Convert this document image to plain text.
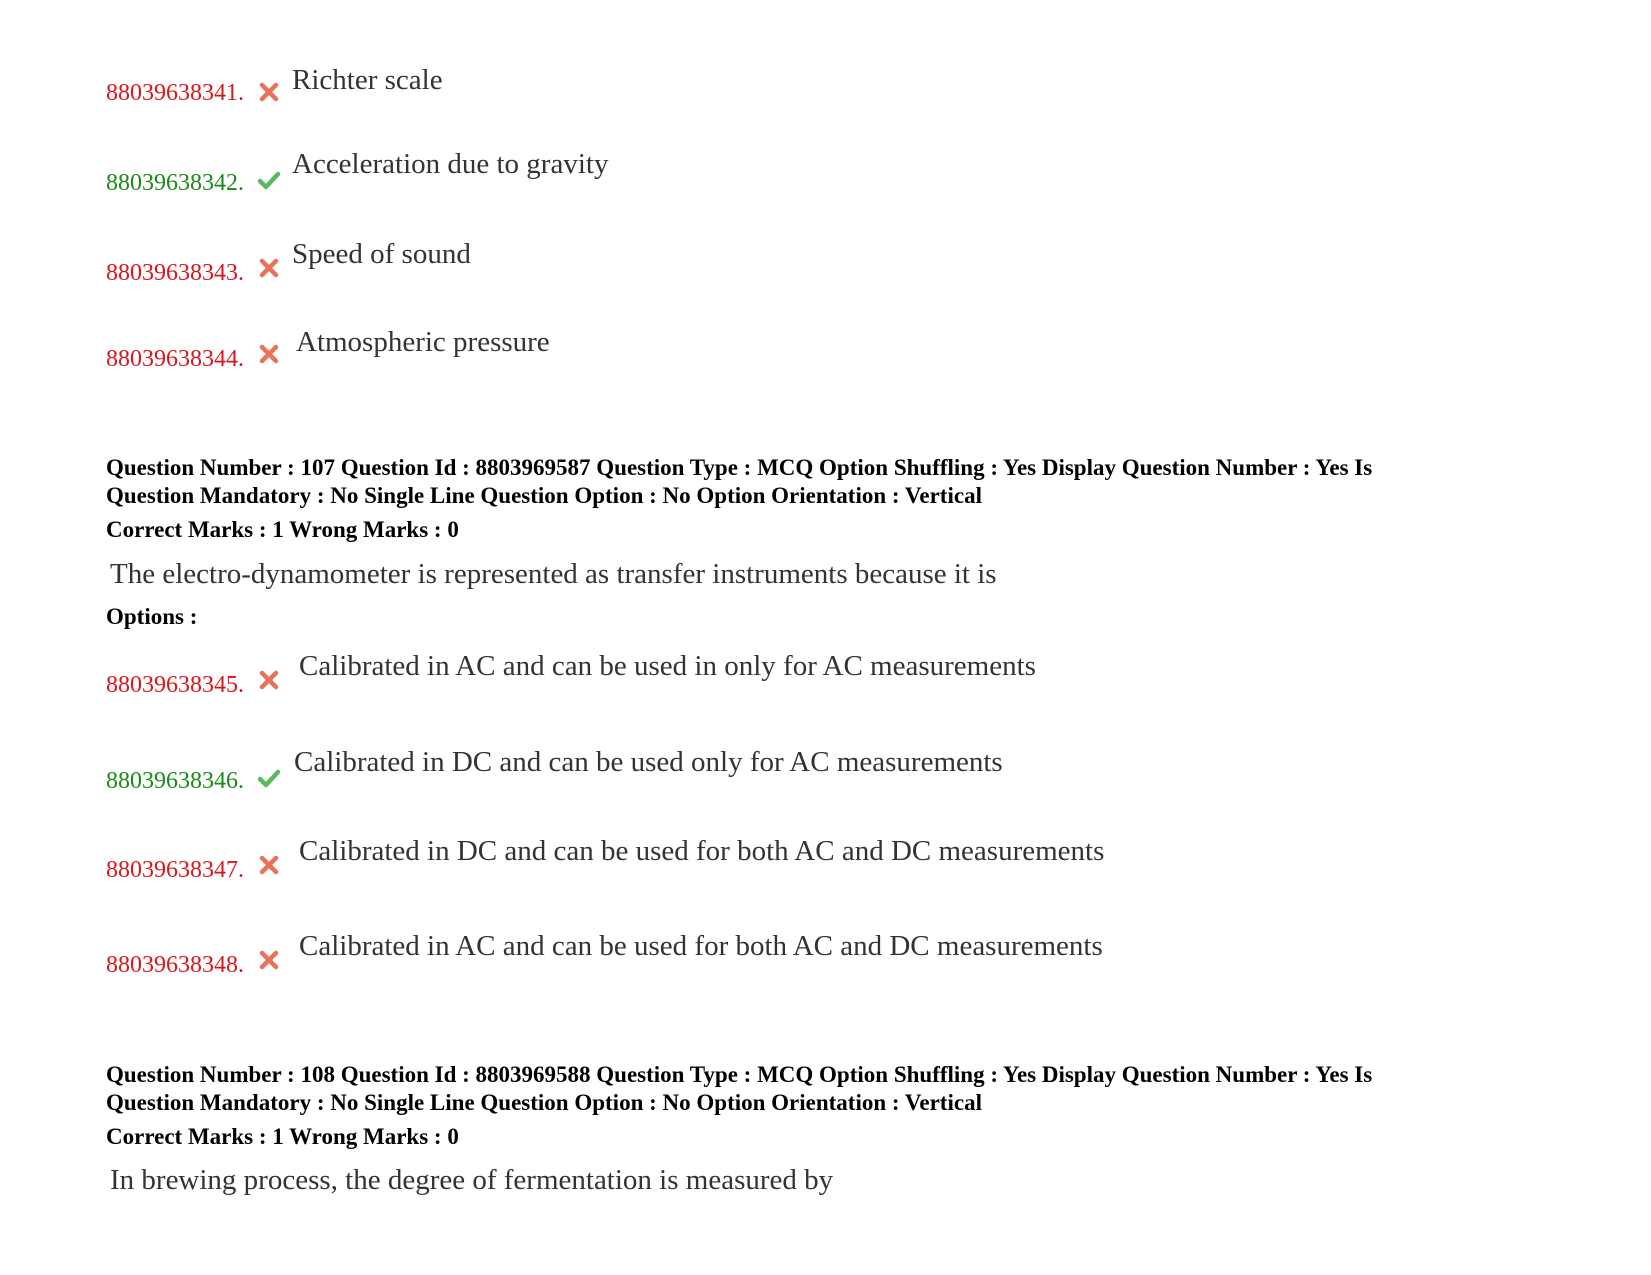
88039638341. Richter scale
88039638342.
Acceleration due to gravity
88039638343.
Speed of sound
88039638344.
Atmospheric pressure
Question Number : 107 Question Id : 8803969587 Question Type : MCQ Option Shuffling : Yes Display Question Number : Yes Is
Question Mandatory : No Single Line Question Option : No Option Orientation : Vertical
Correct Marks : 1 Wrong Marks : 0
The electro-dynamometer is represented as transfer instruments because it is
Options :
88039638345.
Calibrated in AC and can be used in only for AC measurements
88039638346.
Calibrated in DC and can be used only for AC measurements
88039638347.
Calibrated in DC and can be used for both AC and DC measurements
88039638348.
Calibrated in AC and can be used for both AC and DC measurements
Question Number : 108 Question Id : 8803969588 Question Type : MCQ Option Shuffling : Yes Display Question Number : Yes Is
Question Mandatory : No Single Line Question Option : No Option Orientation : Vertical
Correct Marks : 1 Wrong Marks : 0
In brewing process, the degree of fermentation is measured by
